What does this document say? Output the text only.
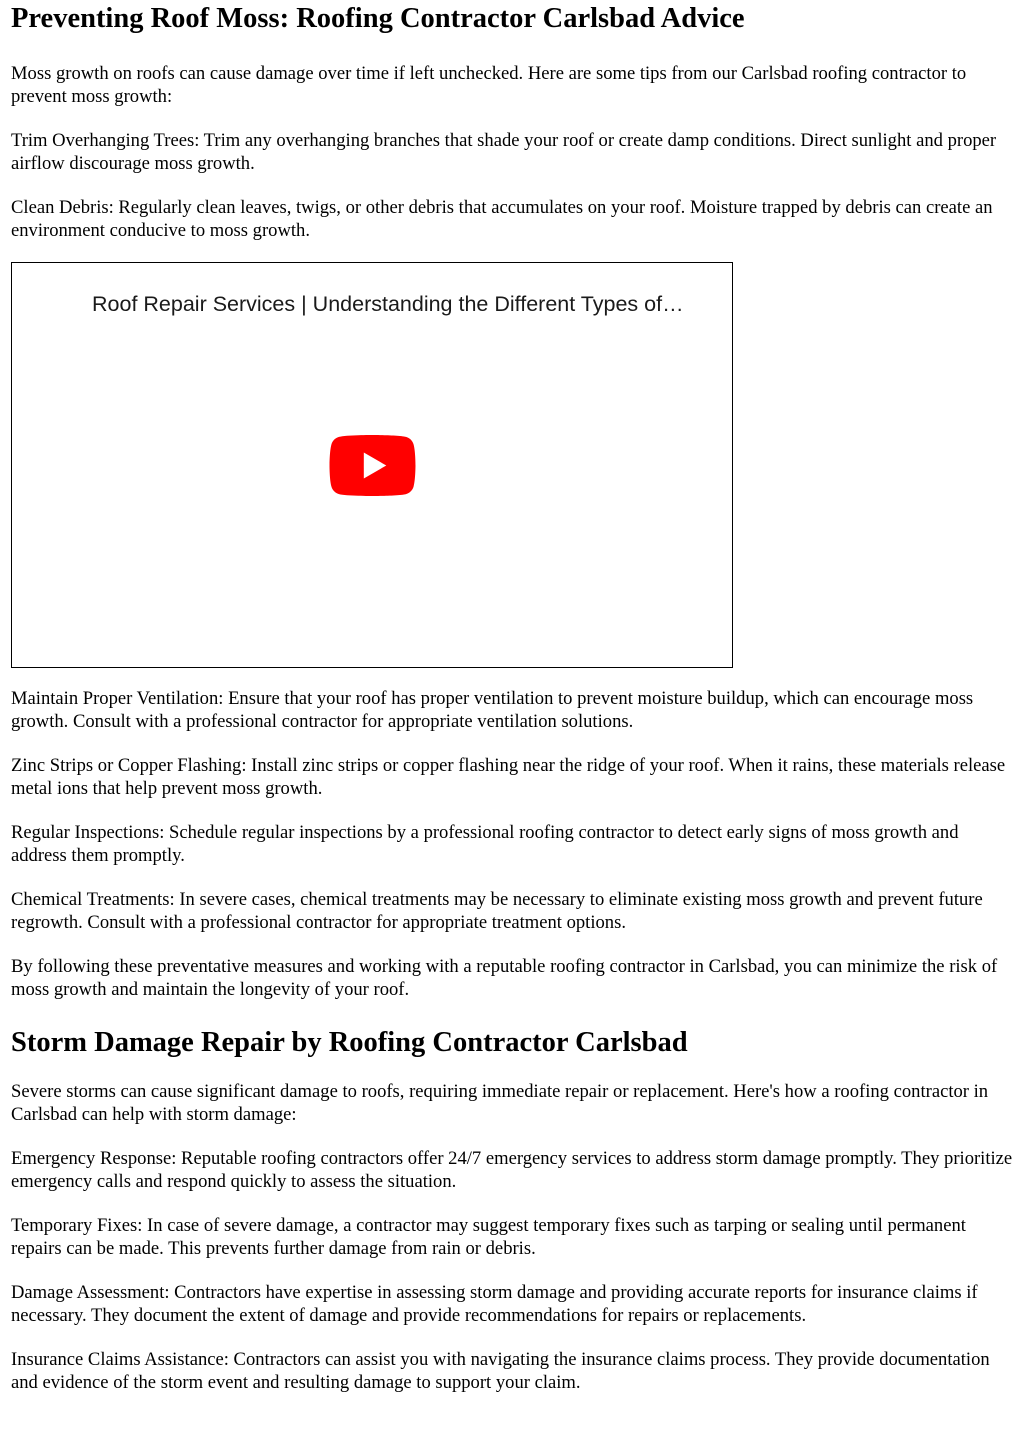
Preventing Roof Moss: Roofing Contractor Carlsbad Advice

Moss growth on roofs can cause damage over time if left unchecked. Here are some tips from our Carlsbad roofing contractor to prevent moss growth:

Trim Overhanging Trees: Trim any overhanging branches that shade your roof or create damp conditions. Direct sunlight and proper airflow discourage moss growth.

Clean Debris: Regularly clean leaves, twigs, or other debris that accumulates on your roof. Moisture trapped by debris can create an environment conducive to moss growth.

Roof Repair Services | Understanding the Different Types of…

Maintain Proper Ventilation: Ensure that your roof has proper ventilation to prevent moisture buildup, which can encourage moss growth. Consult with a professional contractor for appropriate ventilation solutions.

Zinc Strips or Copper Flashing: Install zinc strips or copper flashing near the ridge of your roof. When it rains, these materials release metal ions that help prevent moss growth.

Regular Inspections: Schedule regular inspections by a professional roofing contractor to detect early signs of moss growth and address them promptly.

Chemical Treatments: In severe cases, chemical treatments may be necessary to eliminate existing moss growth and prevent future regrowth. Consult with a professional contractor for appropriate treatment options.

By following these preventative measures and working with a reputable roofing contractor in Carlsbad, you can minimize the risk of moss growth and maintain the longevity of your roof.

Storm Damage Repair by Roofing Contractor Carlsbad

Severe storms can cause significant damage to roofs, requiring immediate repair or replacement. Here's how a roofing contractor in Carlsbad can help with storm damage:

Emergency Response: Reputable roofing contractors offer 24/7 emergency services to address storm damage promptly. They prioritize emergency calls and respond quickly to assess the situation.

Temporary Fixes: In case of severe damage, a contractor may suggest temporary fixes such as tarping or sealing until permanent repairs can be made. This prevents further damage from rain or debris.

Damage Assessment: Contractors have expertise in assessing storm damage and providing accurate reports for insurance claims if necessary. They document the extent of damage and provide recommendations for repairs or replacements.

Insurance Claims Assistance: Contractors can assist you with navigating the insurance claims process. They provide documentation and evidence of the storm event and resulting damage to support your claim.
